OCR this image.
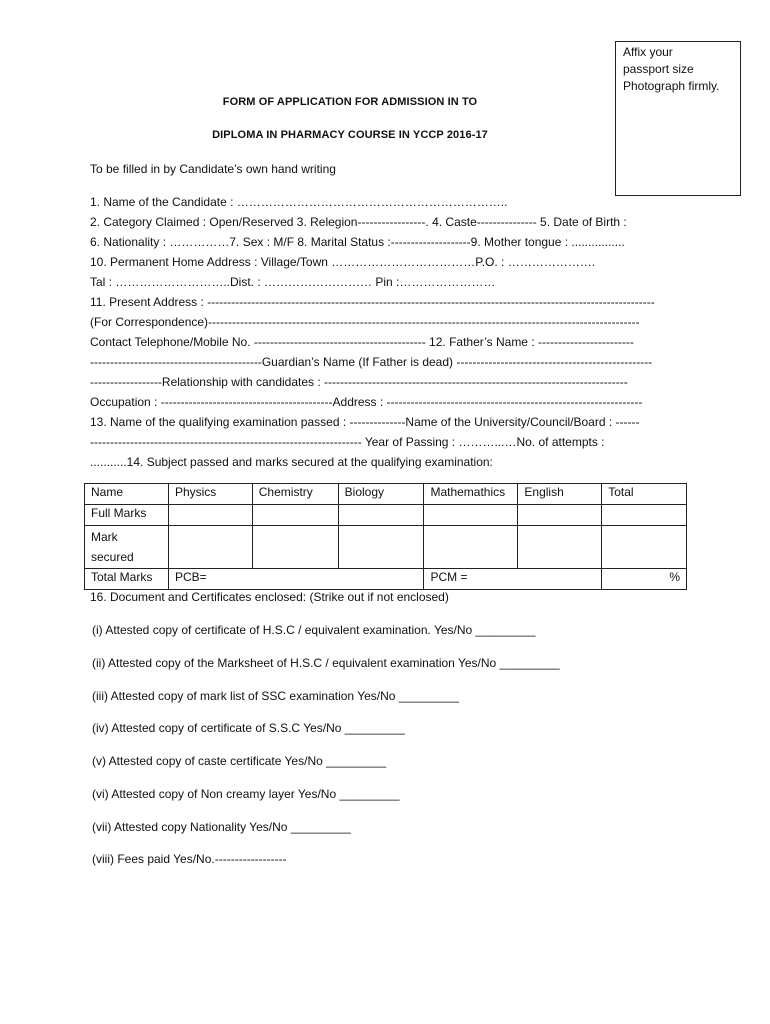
Affix your
passport size
Photograph firmly.
FORM OF APPLICATION FOR ADMISSION IN TO
DIPLOMA IN PHARMACY COURSE IN YCCP 2016-17
To be filled in by Candidate’s own hand writing
1. Name of the Candidate : …………………………………………………………..
2. Category Claimed : Open/Reserved 3. Relegion-----------------. 4. Caste--------------- 5. Date of Birth :
6. Nationality : ……………7. Sex : M/F 8. Marital Status :--------------------9. Mother tongue : ................
10. Permanent Home Address : Village/Town ………………………………P.O. : ………………….
Tal : ………………………..Dist. : ……………………… Pin :……………………
11. Present Address : ----------------------------------------------------------------------------------------------------------------
(For Correspondence)------------------------------------------------------------------------------------------------------------
Contact Telephone/Mobile No. ------------------------------------------- 12. Father’s Name : ------------------------
-------------------------------------------Guardian’s Name (If Father is dead) -------------------------------------------------
------------------Relationship with candidates : ----------------------------------------------------------------------------
Occupation : -------------------------------------------Address : ----------------------------------------------------------------
13. Name of the qualifying examination passed : --------------Name of the University/Council/Board : ------
-------------------------------------------------------------------- Year of Passing : ………...…No. of attempts :
...........14. Subject passed and marks secured at the qualifying examination:
Name	Physics	Chemistry	Biology	Mathemathics	English	Total
Full Marks						
Mark
secured						
Total Marks	PCB=			PCM =		%
16. Document and Certificates enclosed: (Strike out if not enclosed)
(i) Attested copy of certificate of H.S.C / equivalent examination. Yes/No _________
(ii) Attested copy of the Marksheet of H.S.C / equivalent examination Yes/No _________
(iii) Attested copy of mark list of SSC examination Yes/No _________
(iv) Attested copy of certificate of S.S.C Yes/No _________
(v) Attested copy of caste certificate Yes/No _________
(vi) Attested copy of Non creamy layer Yes/No _________
(vii) Attested copy Nationality Yes/No _________
(viii) Fees paid Yes/No.------------------
